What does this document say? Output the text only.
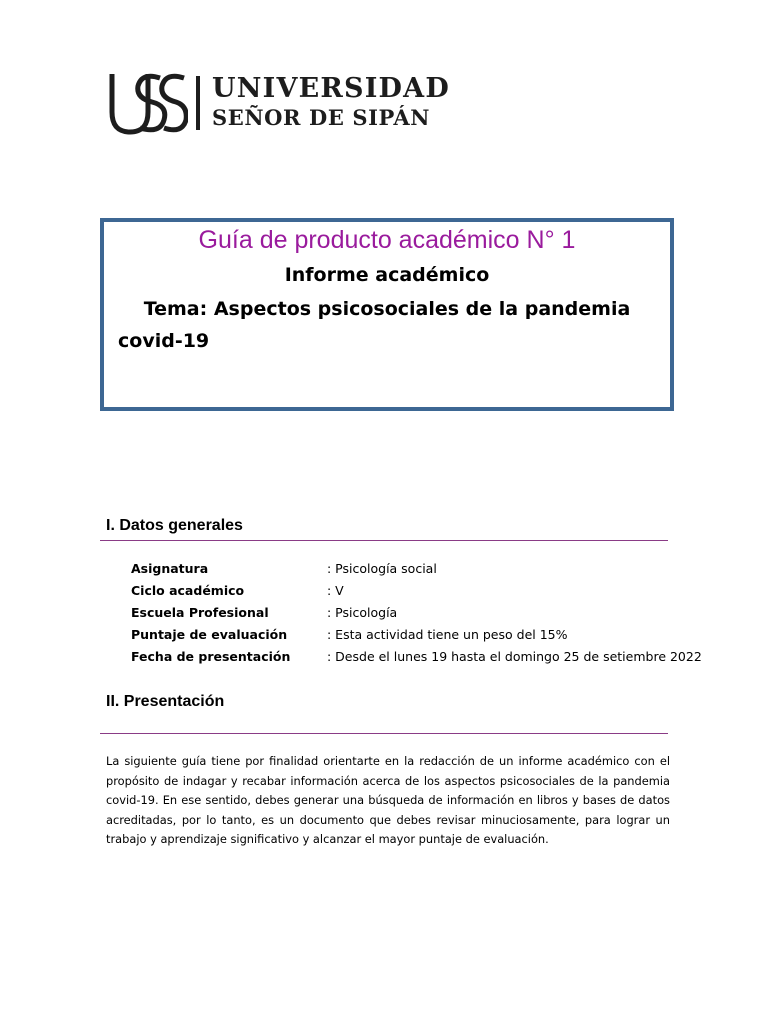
UNIVERSIDAD
SEÑOR DE SIPÁN
Guía de producto académico N° 1
Informe académico
Tema: Aspectos psicosociales de la pandemia
covid-19
I. Datos generales
Asignatura	: Psicología social
Ciclo académico	: V
Escuela Profesional	: Psicología
Puntaje de evaluación	: Esta actividad tiene un peso del 15%
Fecha de presentación	: Desde el lunes 19 hasta el domingo 25 de setiembre 2022
II. Presentación
La siguiente guía tiene por finalidad orientarte en la redacción de un informe académico con el propósito de indagar y recabar información acerca de los aspectos psicosociales de la pandemia covid-19. En ese sentido, debes generar una búsqueda de información en libros y bases de datos acreditadas, por lo tanto, es un documento que debes revisar minuciosamente, para lograr un trabajo y aprendizaje significativo y alcanzar el mayor puntaje de evaluación.
